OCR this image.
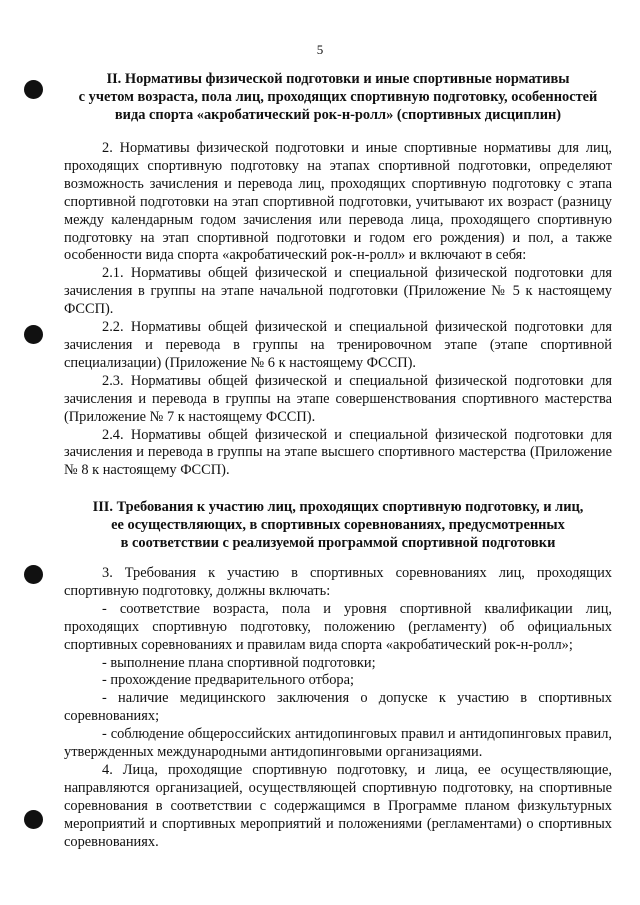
5
II. Нормативы физической подготовки и иные спортивные нормативы
с учетом возраста, пола лиц, проходящих спортивную подготовку, особенностей
вида спорта «акробатический рок-н-ролл» (спортивных дисциплин)

2. Нормативы физической подготовки и иные спортивные нормативы для лиц, проходящих спортивную подготовку на этапах спортивной подготовки, определяют возможность зачисления и перевода лиц, проходящих спортивную подготовку с этапа спортивной подготовки на этап спортивной подготовки, учитывают их возраст (разницу между календарным годом зачисления или перевода лица, проходящего спортивную подготовку на этап спортивной подготовки и годом его рождения) и пол, а также особенности вида спорта «акробатический рок-н-ролл» и включают в себя:

2.1. Нормативы общей физической и специальной физической подготовки для зачисления в группы на этапе начальной подготовки (Приложение № 5 к настоящему ФССП).

2.2. Нормативы общей физической и специальной физической подготовки для зачисления и перевода в группы на тренировочном этапе (этапе спортивной специализации) (Приложение № 6 к настоящему ФССП).

2.3. Нормативы общей физической и специальной физической подготовки для зачисления и перевода в группы на этапе совершенствования спортивного мастерства (Приложение № 7 к настоящему ФССП).

2.4. Нормативы общей физической и специальной физической подготовки для зачисления и перевода в группы на этапе высшего спортивного мастерства (Приложение № 8 к настоящему ФССП).

III. Требования к участию лиц, проходящих спортивную подготовку, и лиц,
ее осуществляющих, в спортивных соревнованиях, предусмотренных
в соответствии с реализуемой программой спортивной подготовки

3. Требования к участию в спортивных соревнованиях лиц, проходящих спортивную подготовку, должны включать:

- соответствие возраста, пола и уровня спортивной квалификации лиц, проходящих спортивную подготовку, положению (регламенту) об официальных спортивных соревнованиях и правилам вида спорта «акробатический рок-н-ролл»;

- выполнение плана спортивной подготовки;

- прохождение предварительного отбора;

- наличие медицинского заключения о допуске к участию в спортивных соревнованиях;

- соблюдение общероссийских антидопинговых правил и антидопинговых правил, утвержденных международными антидопинговыми организациями.

4. Лица, проходящие спортивную подготовку, и лица, ее осуществляющие, направляются организацией, осуществляющей спортивную подготовку, на спортивные соревнования в соответствии с содержащимся в Программе планом физкультурных мероприятий и спортивных мероприятий и положениями (регламентами) о спортивных соревнованиях.
